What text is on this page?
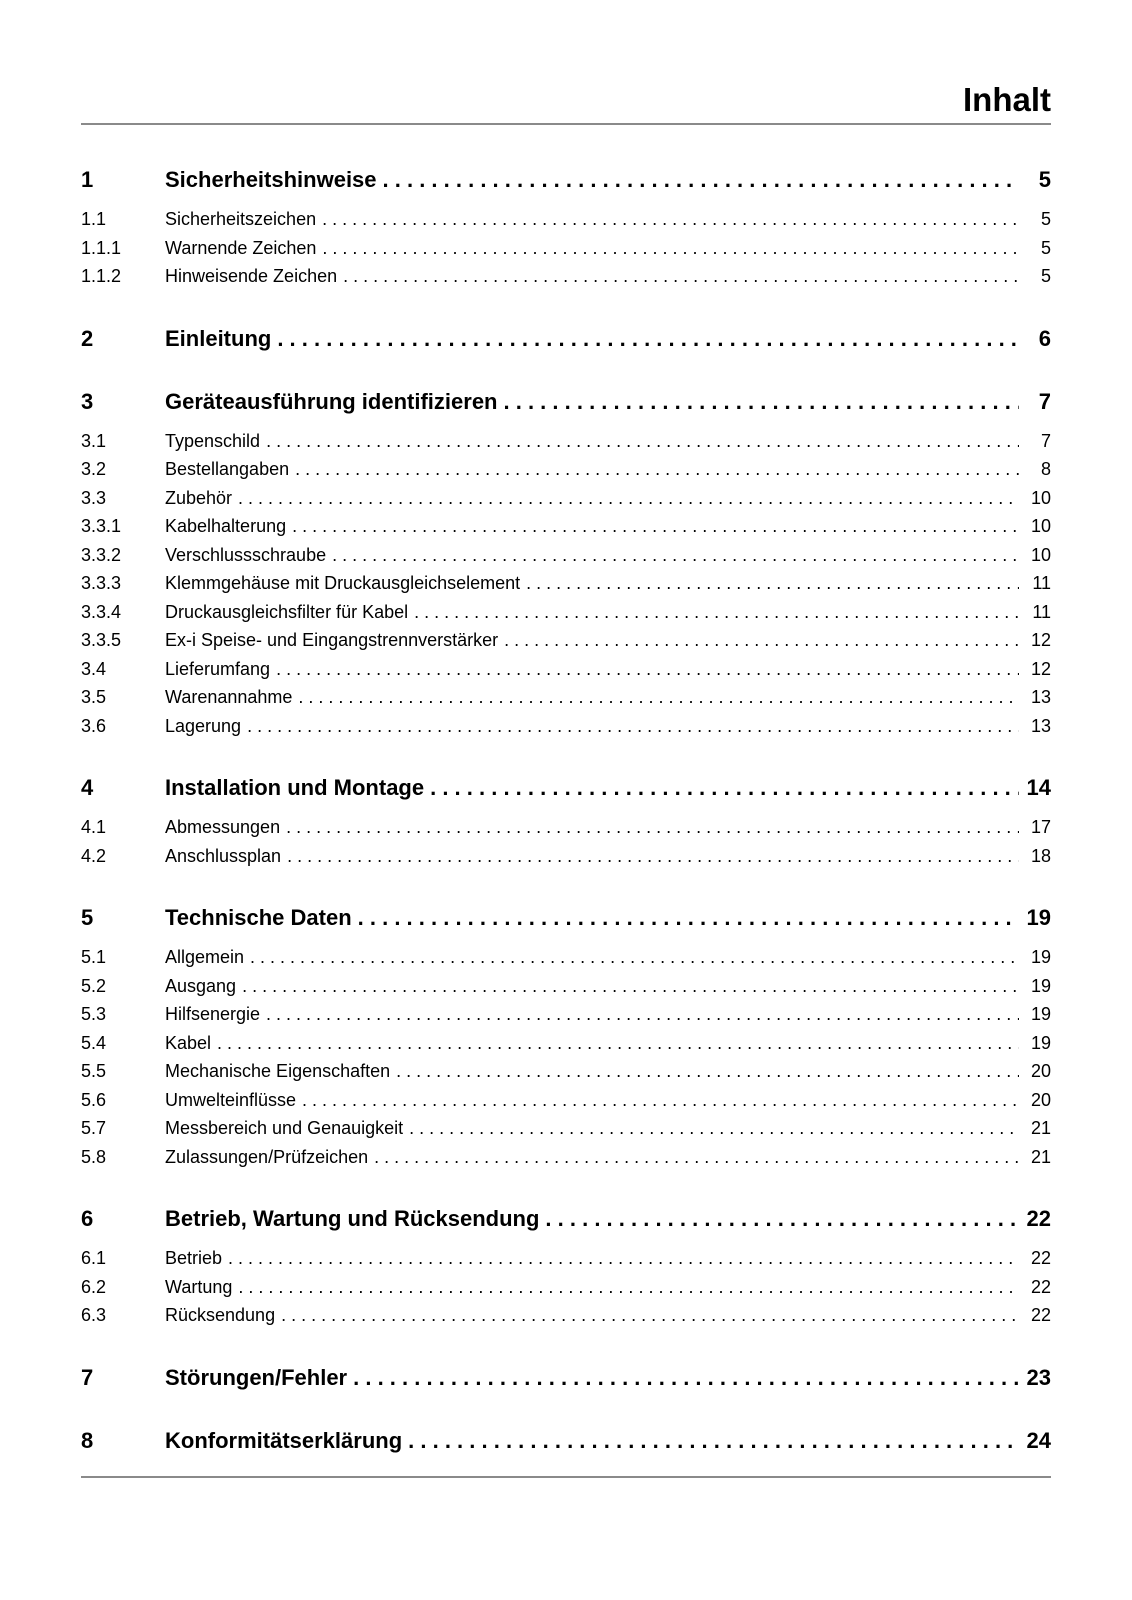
Inhalt
1	Sicherheitshinweise . . .	5
1.1	Sicherheitszeichen . . .	5
1.1.1	Warnende Zeichen . . .	5
1.1.2	Hinweisende Zeichen . . .	5
2	Einleitung . . .	6
3	Geräteausführung identifizieren . . .	7
3.1	Typenschild . . .	7
3.2	Bestellangaben . . .	8
3.3	Zubehör . . .	10
3.3.1	Kabelhalterung . . .	10
3.3.2	Verschlussschraube . . .	10
3.3.3	Klemmgehäuse mit Druckausgleichselement . . .	11
3.3.4	Druckausgleichsfilter für Kabel . . .	11
3.3.5	Ex-i Speise- und Eingangstrennverstärker . . .	12
3.4	Lieferumfang . . .	12
3.5	Warenannahme . . .	13
3.6	Lagerung . . .	13
4	Installation und Montage . . .	14
4.1	Abmessungen . . .	17
4.2	Anschlussplan . . .	18
5	Technische Daten . . .	19
5.1	Allgemein . . .	19
5.2	Ausgang . . .	19
5.3	Hilfsenergie . . .	19
5.4	Kabel . . .	19
5.5	Mechanische Eigenschaften . . .	20
5.6	Umwelteinflüsse . . .	20
5.7	Messbereich und Genauigkeit . . .	21
5.8	Zulassungen/Prüfzeichen . . .	21
6	Betrieb, Wartung und Rücksendung . . .	22
6.1	Betrieb . . .	22
6.2	Wartung . . .	22
6.3	Rücksendung . . .	22
7	Störungen/Fehler . . .	23
8	Konformitätserklärung . . .	24
